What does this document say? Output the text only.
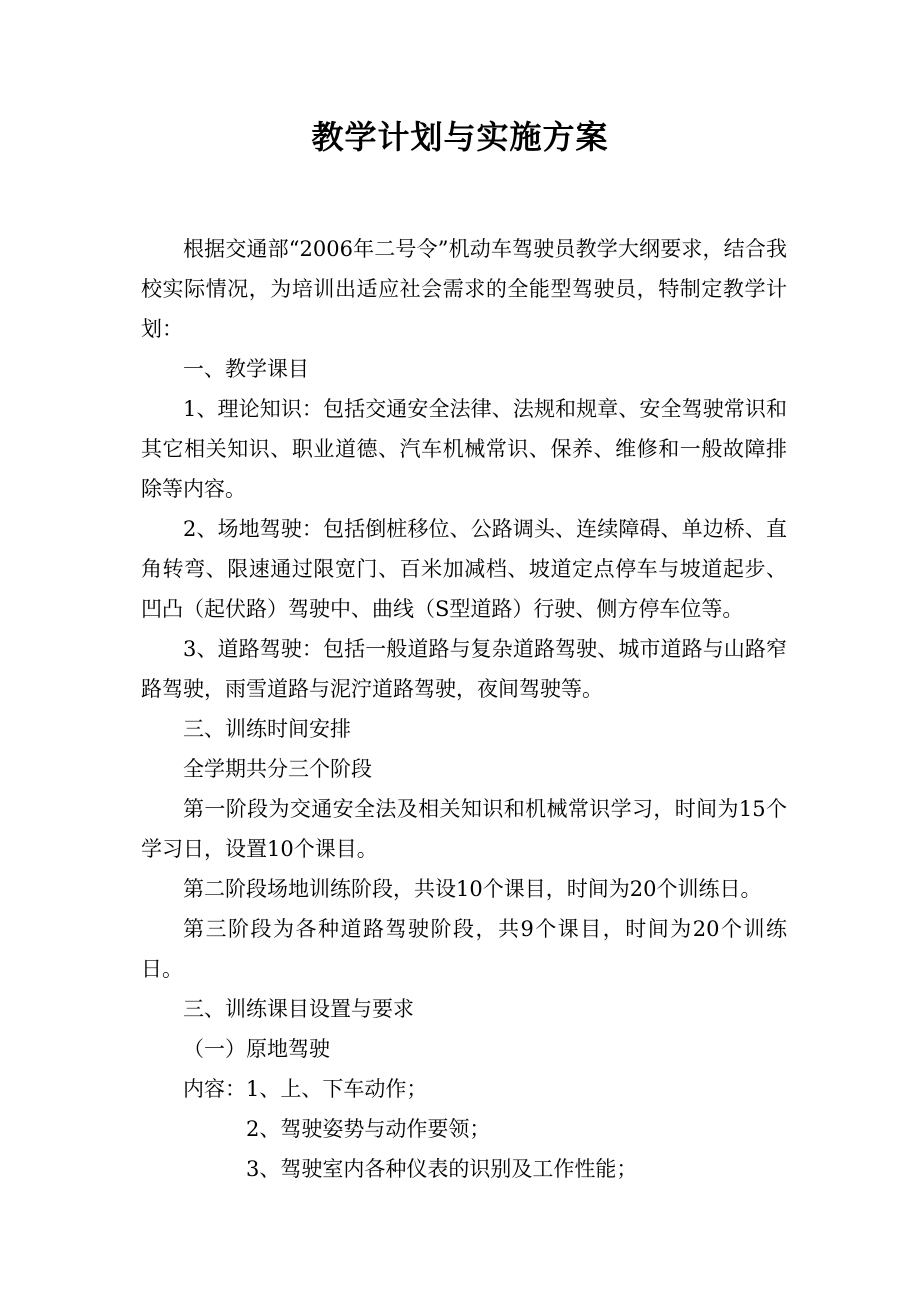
教学计划与实施方案

根据交通部“2006年二号令”机动车驾驶员教学大纲要求，结合我校实际情况，为培训出适应社会需求的全能型驾驶员，特制定教学计划：

一、教学课目

1、理论知识：包括交通安全法律、法规和规章、安全驾驶常识和其它相关知识、职业道德、汽车机械常识、保养、维修和一般故障排除等内容。

2、场地驾驶：包括倒桩移位、公路调头、连续障碍、单边桥、直角转弯、限速通过限宽门、百米加减档、坡道定点停车与坡道起步、凹凸（起伏路）驾驶中、曲线（S型道路）行驶、侧方停车位等。

3、道路驾驶：包括一般道路与复杂道路驾驶、城市道路与山路窄路驾驶，雨雪道路与泥泞道路驾驶，夜间驾驶等。

三、训练时间安排

全学期共分三个阶段

第一阶段为交通安全法及相关知识和机械常识学习，时间为15个学习日，设置10个课目。

第二阶段场地训练阶段，共设10个课目，时间为20个训练日。

第三阶段为各种道路驾驶阶段，共9个课目，时间为20个训练日。

三、训练课目设置与要求

（一）原地驾驶

内容：1、上、下车动作；

2、驾驶姿势与动作要领；

3、驾驶室内各种仪表的识别及工作性能；
